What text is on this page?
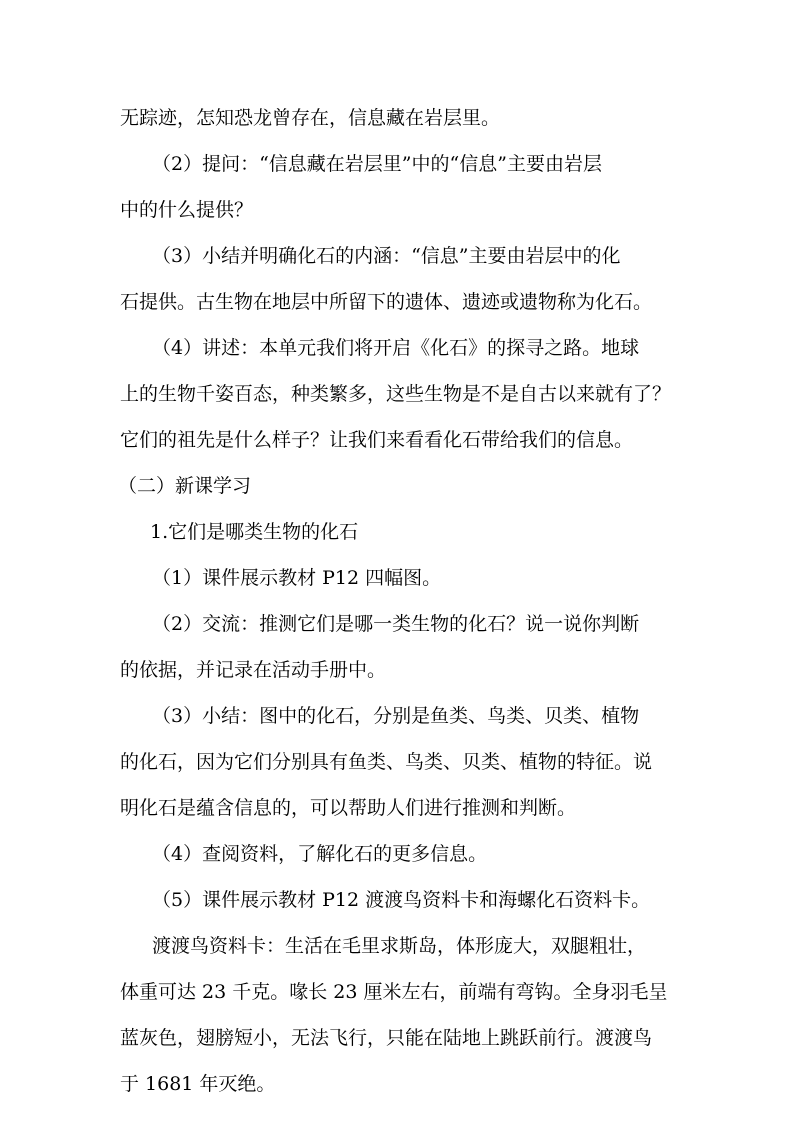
无踪迹，怎知恐龙曾存在，信息藏在岩层里。
（2）提问：“信息藏在岩层里”中的“信息”主要由岩层
中的什么提供？
（3）小结并明确化石的内涵：“信息”主要由岩层中的化
石提供。古生物在地层中所留下的遗体、遗迹或遗物称为化石。
（4）讲述：本单元我们将开启《化石》的探寻之路。地球
上的生物千姿百态，种类繁多，这些生物是不是自古以来就有了？
它们的祖先是什么样子？让我们来看看化石带给我们的信息。
（二）新课学习
1.它们是哪类生物的化石
（1）课件展示教材 P12 四幅图。
（2）交流：推测它们是哪一类生物的化石？说一说你判断
的依据，并记录在活动手册中。
（3）小结：图中的化石，分别是鱼类、鸟类、贝类、植物
的化石，因为它们分别具有鱼类、鸟类、贝类、植物的特征。说
明化石是蕴含信息的，可以帮助人们进行推测和判断。
（4）查阅资料，了解化石的更多信息。
（5）课件展示教材 P12 渡渡鸟资料卡和海螺化石资料卡。
渡渡鸟资料卡：生活在毛里求斯岛，体形庞大，双腿粗壮，
体重可达 23 千克。喙长 23 厘米左右，前端有弯钩。全身羽毛呈
蓝灰色，翅膀短小，无法飞行，只能在陆地上跳跃前行。渡渡鸟
于 1681 年灭绝。
